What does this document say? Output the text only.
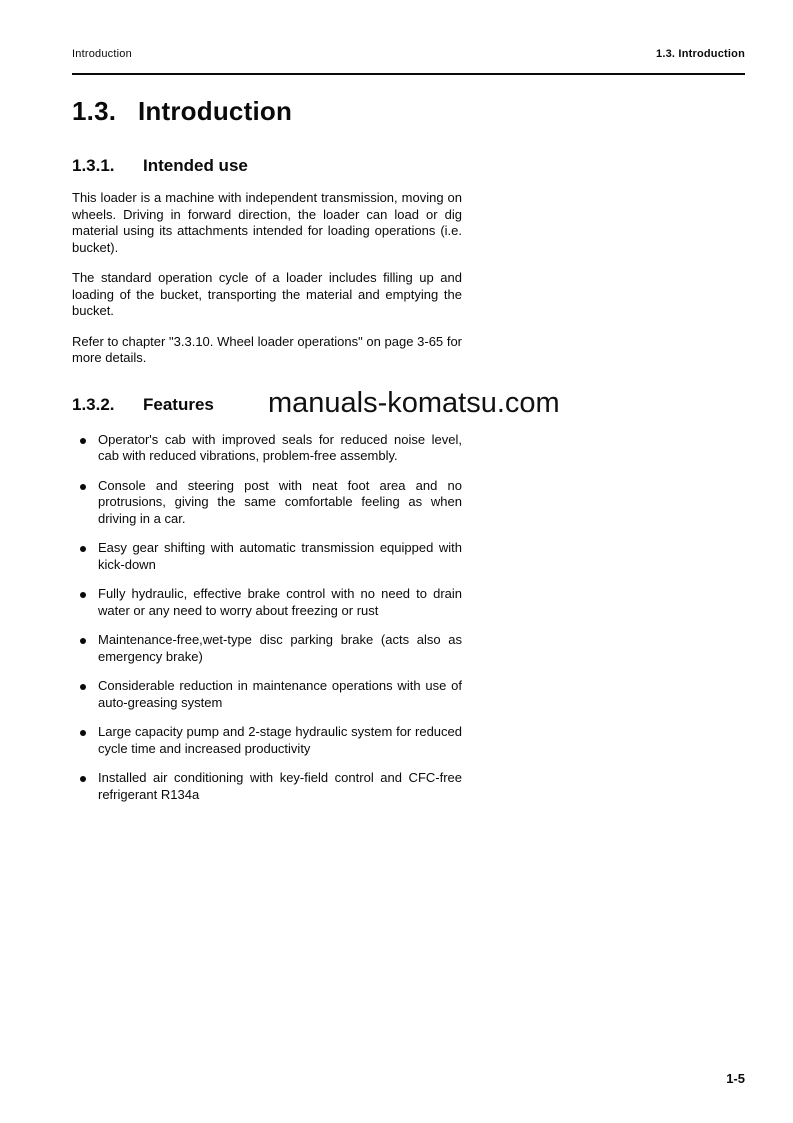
Introduction	1.3. Introduction
manuals-komatsu.com
1.3. Introduction
1.3.1. Intended use

This loader is a machine with independent transmission, moving on wheels. Driving in forward direction, the loader can load or dig material using its attachments intended for loading operations (i.e. bucket).

The standard operation cycle of a loader includes filling up and loading of the bucket, transporting the material and emptying the bucket.

Refer to chapter "3.3.10. Wheel loader operations" on page 3-65 for more details.

1.3.2. Features
Operator's cab with improved seals for reduced noise level, cab with reduced vibrations, problem-free assembly.
Console and steering post with neat foot area and no protrusions, giving the same comfortable feeling as when driving in a car.
Easy gear shifting with automatic transmission equipped with kick-down
Fully hydraulic, effective brake control with no need to drain water or any need to worry about freezing or rust
Maintenance-free,wet-type disc parking brake (acts also as emergency brake)
Considerable reduction in maintenance operations with use of auto-greasing system
Large capacity pump and 2-stage hydraulic system for reduced cycle time and increased productivity
Installed air conditioning with key-field control and CFC-free refrigerant R134a
1-5
